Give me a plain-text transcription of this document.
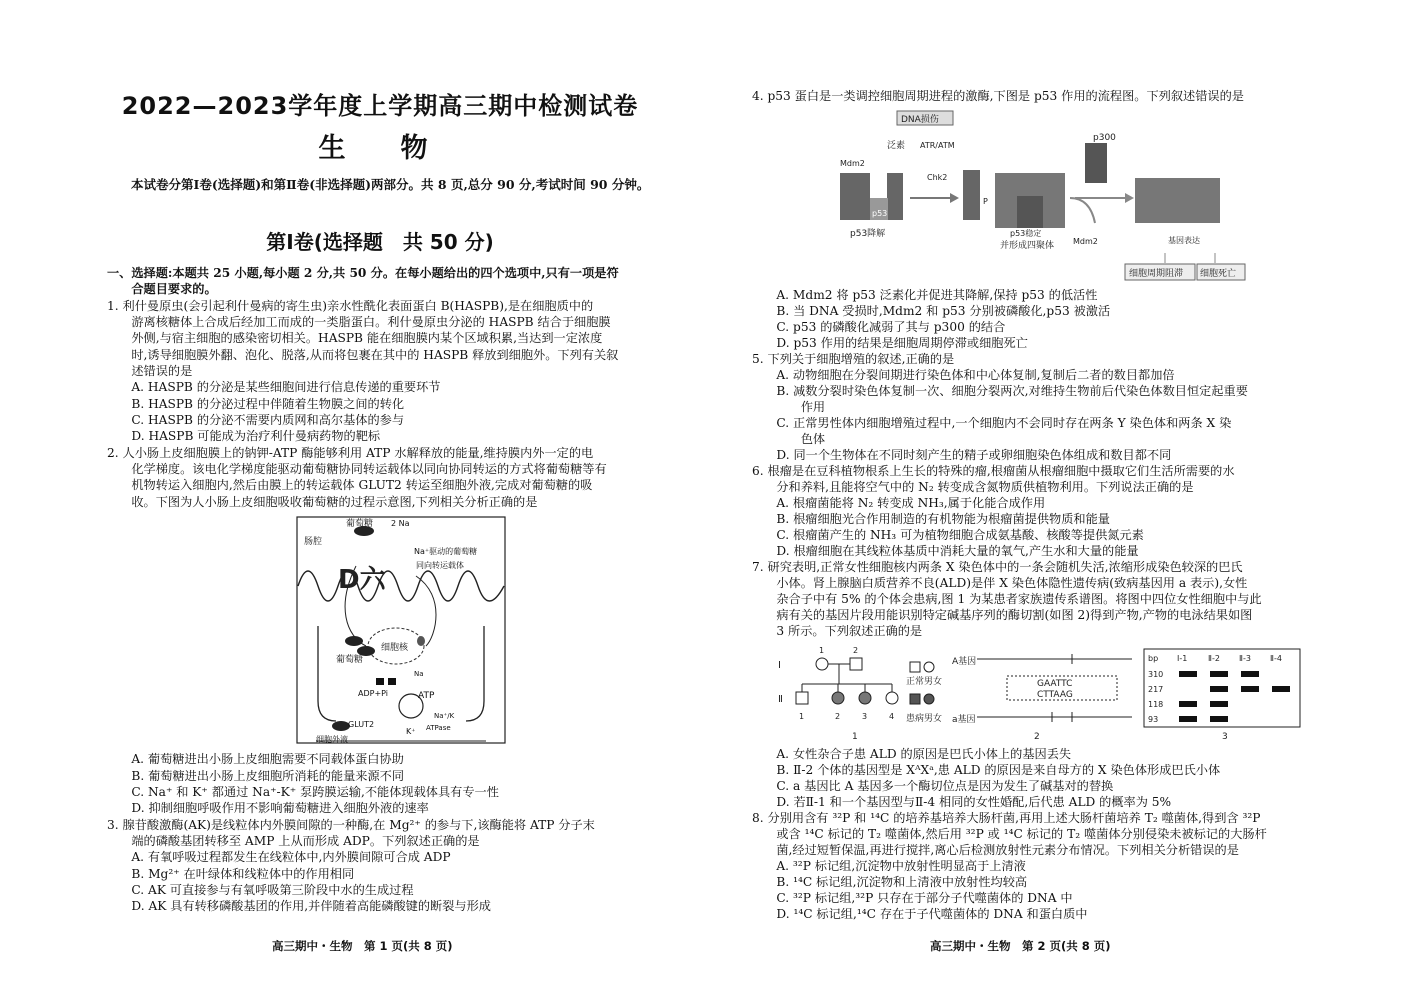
2022—2023学年度上学期高三期中检测试卷
生　物
本试卷分第Ⅰ卷(选择题)和第Ⅱ卷(非选择题)两部分。共 8 页,总分 90 分,考试时间 90 分钟。
第Ⅰ卷(选择题　共 50 分)
一、选择题:本题共 25 小题,每小题 2 分,共 50 分。在每小题给出的四个选项中,只有一项是符
　　合题目要求的。
1. 利什曼原虫(会引起利什曼病的寄生虫)亲水性酰化表面蛋白 B(HASPB),是在细胞质中的
　　游离核糖体上合成后经加工而成的一类脂蛋白。利什曼原虫分泌的 HASPB 结合于细胞膜
　　外侧,与宿主细胞的感染密切相关。HASPB 能在细胞膜内某个区域积累,当达到一定浓度
　　时,诱导细胞膜外翻、泡化、脱落,从而将包裹在其中的 HASPB 释放到细胞外。下列有关叙
　　述错误的是
　　A. HASPB 的分泌是某些细胞间进行信息传递的重要环节
　　B. HASPB 的分泌过程中伴随着生物膜之间的转化
　　C. HASPB 的分泌不需要内质网和高尔基体的参与
　　D. HASPB 可能成为治疗利什曼病药物的靶标
2. 人小肠上皮细胞膜上的钠钾-ATP 酶能够利用 ATP 水解释放的能量,维持膜内外一定的电
　　化学梯度。该电化学梯度能驱动葡萄糖协同转运载体以同向协同转运的方式将葡萄糖等有
　　机物转运入细胞内,然后由膜上的转运载体 GLUT2 转运至细胞外液,完成对葡萄糖的吸
　　收。下图为人小肠上皮细胞吸收葡萄糖的过程示意图,下列相关分析正确的是
肠腔
葡萄糖 2 Na
Na⁺驱动的葡萄糖
同向转运载体
D六
细胞核
葡萄糖
ADP+Pi	ATP
Na
GLUT2
Na⁺/K
ATPase
K⁺
细胞外液
　　A. 葡萄糖进出小肠上皮细胞需要不同载体蛋白协助
　　B. 葡萄糖进出小肠上皮细胞所消耗的能量来源不同
　　C. Na⁺ 和 K⁺ 都通过 Na⁺-K⁺ 泵跨膜运输,不能体现载体具有专一性
　　D. 抑制细胞呼吸作用不影响葡萄糖进入细胞外液的速率
3. 腺苷酸激酶(AK)是线粒体内外膜间隙的一种酶,在 Mg²⁺ 的参与下,该酶能将 ATP 分子末
　　端的磷酸基团转移至 AMP 上从而形成 ADP。下列叙述正确的是
　　A. 有氧呼吸过程都发生在线粒体中,内外膜间隙可合成 ADP
　　B. Mg²⁺ 在叶绿体和线粒体中的作用相同
　　C. AK 可直接参与有氧呼吸第三阶段中水的生成过程
　　D. AK 具有转移磷酸基团的作用,并伴随着高能磷酸键的断裂与形成
高三期中・生物　第 1 页(共 8 页)
4. p53 蛋白是一类调控细胞周期进程的激酶,下图是 p53 作用的流程图。下列叙述错误的是
DNA损伤
泛素 ATR/ATM
Chk2
Mdm2
p53
p53降解
P
p53稳定
并形成四聚体 Mdm2
p300
基因表达
细胞周期阻滞 细胞死亡
　　A. Mdm2 将 p53 泛素化并促进其降解,保持 p53 的低活性
　　B. 当 DNA 受损时,Mdm2 和 p53 分别被磷酸化,p53 被激活
　　C. p53 的磷酸化减弱了其与 p300 的结合
　　D. p53 作用的结果是细胞周期停滞或细胞死亡
5. 下列关于细胞增殖的叙述,正确的是
　　A. 动物细胞在分裂间期进行染色体和中心体复制,复制后二者的数目都加倍
　　B. 减数分裂时染色体复制一次、细胞分裂两次,对维持生物前后代染色体数目恒定起重要
　　　　作用
　　C. 正常男性体内细胞增殖过程中,一个细胞内不会同时存在两条 Y 染色体和两条 X 染
　　　　色体
　　D. 同一个生物体在不同时刻产生的精子或卵细胞染色体组成和数目都不同
6. 根瘤是在豆科植物根系上生长的特殊的瘤,根瘤菌从根瘤细胞中摄取它们生活所需要的水
　　分和养料,且能将空气中的 N₂ 转变成含氮物质供植物利用。下列说法正确的是
　　A. 根瘤菌能将 N₂ 转变成 NH₃,属于化能合成作用
　　B. 根瘤细胞光合作用制造的有机物能为根瘤菌提供物质和能量
　　C. 根瘤菌产生的 NH₃ 可为植物细胞合成氨基酸、核酸等提供氮元素
　　D. 根瘤细胞在其线粒体基质中消耗大量的氧气,产生水和大量的能量
7. 研究表明,正常女性细胞核内两条 X 染色体中的一条会随机失活,浓缩形成染色较深的巴氏
　　小体。肾上腺脑白质营养不良(ALD)是伴 X 染色体隐性遗传病(致病基因用 a 表示),女性
　　杂合子中有 5% 的个体会患病,图 1 为某患者家族遗传系谱图。将图中四位女性细胞中与此
　　病有关的基因片段用能识别特定碱基序列的酶切割(如图 2)得到产物,产物的电泳结果如图
　　3 所示。下列叙述正确的是
Ⅰ
Ⅱ
1	2
1	2	3	4
正常男女
患病男女
1
A基因
GAATTC
CTTAAG
a基因
2
bp Ⅰ-1	Ⅱ-2 Ⅱ-3 Ⅱ-4
310
217
118
93
3
　　A. 女性杂合子患 ALD 的原因是巴氏小体上的基因丢失
　　B. Ⅱ-2 个体的基因型是 XᴬXᵃ,患 ALD 的原因是来自母方的 X 染色体形成巴氏小体
　　C. a 基因比 A 基因多一个酶切位点是因为发生了碱基对的替换
　　D. 若Ⅱ-1 和一个基因型与Ⅱ-4 相同的女性婚配,后代患 ALD 的概率为 5%
8. 分别用含有 ³²P 和 ¹⁴C 的培养基培养大肠杆菌,再用上述大肠杆菌培养 T₂ 噬菌体,得到含 ³²P
　　或含 ¹⁴C 标记的 T₂ 噬菌体,然后用 ³²P 或 ¹⁴C 标记的 T₂ 噬菌体分别侵染未被标记的大肠杆
　　菌,经过短暂保温,再进行搅拌,离心后检测放射性元素分布情况。下列相关分析错误的是
　　A. ³²P 标记组,沉淀物中放射性明显高于上清液
　　B. ¹⁴C 标记组,沉淀物和上清液中放射性均较高
　　C. ³²P 标记组,³²P 只存在于部分子代噬菌体的 DNA 中
　　D. ¹⁴C 标记组,¹⁴C 存在于子代噬菌体的 DNA 和蛋白质中
高三期中・生物　第 2 页(共 8 页)
